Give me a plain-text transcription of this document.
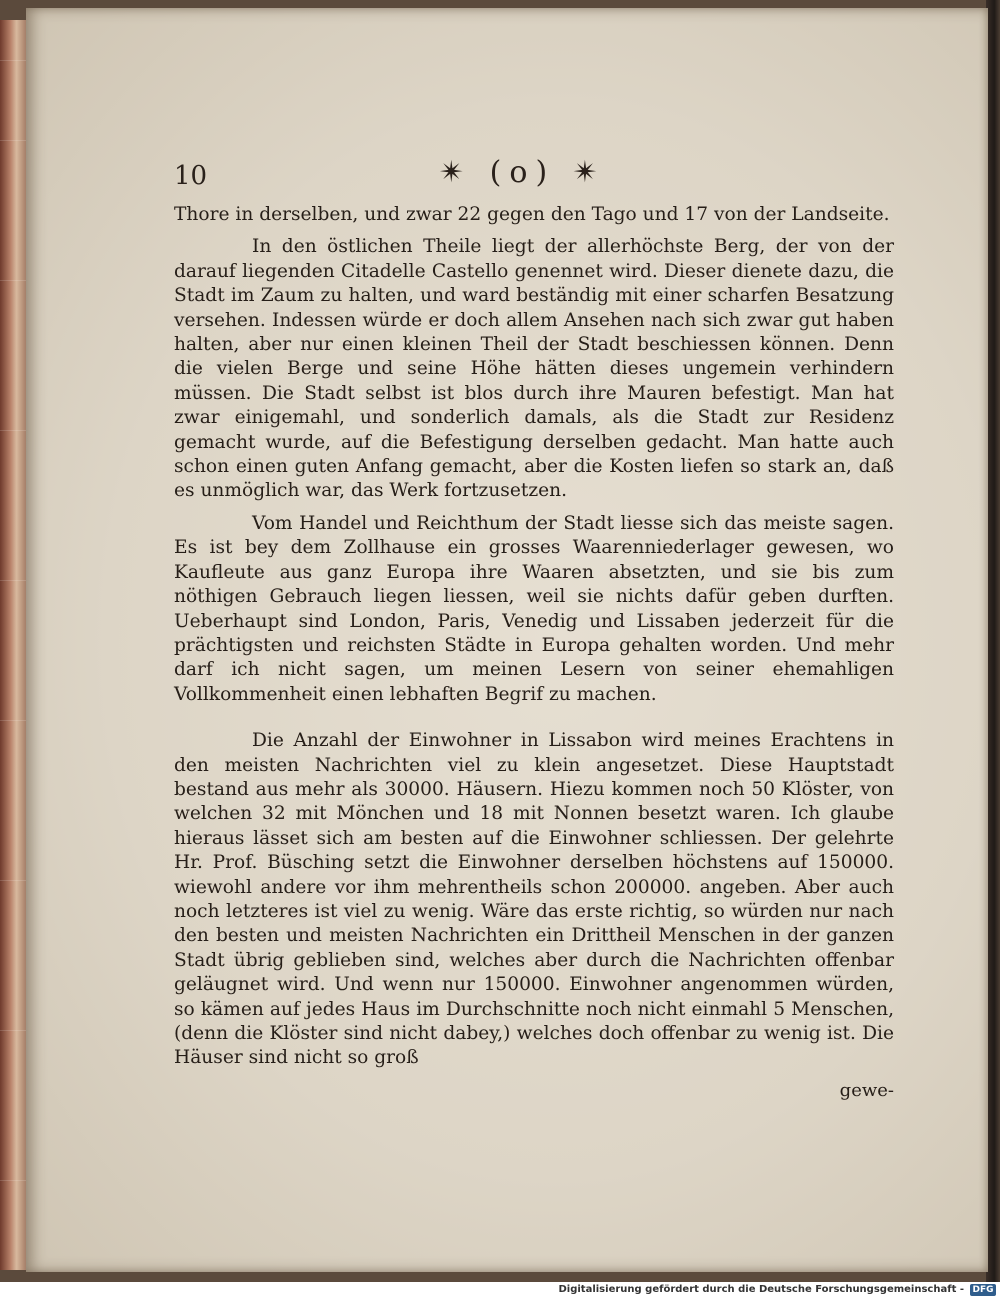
10	✴ (o) ✴

Thore in derselben, und zwar 22 gegen den Tago und 17 von der Landseite.

In den östlichen Theile liegt der allerhöchste Berg, der von der darauf liegenden Citadelle Castello genennet wird. Dieser dienete dazu, die Stadt im Zaum zu halten, und ward beständig mit einer scharfen Besatzung versehen. Indessen würde er doch allem Ansehen nach sich zwar gut haben halten, aber nur einen kleinen Theil der Stadt beschiessen können. Denn die vielen Berge und seine Höhe hätten dieses ungemein verhindern müssen. Die Stadt selbst ist blos durch ihre Mauren befestigt. Man hat zwar einigemahl, und sonderlich damals, als die Stadt zur Residenz gemacht wurde, auf die Befestigung derselben gedacht. Man hatte auch schon einen guten Anfang gemacht, aber die Kosten liefen so stark an, daß es unmöglich war, das Werk fortzusetzen.

Vom Handel und Reichthum der Stadt liesse sich das meiste sagen. Es ist bey dem Zollhause ein grosses Waarenniederlager gewesen, wo Kaufleute aus ganz Europa ihre Waaren absetzten, und sie bis zum nöthigen Gebrauch liegen liessen, weil sie nichts dafür geben durften. Ueberhaupt sind London, Paris, Venedig und Lissaben jederzeit für die prächtigsten und reichsten Städte in Europa gehalten worden. Und mehr darf ich nicht sagen, um meinen Lesern von seiner ehemahligen Vollkommenheit einen lebhaften Begrif zu machen.

Die Anzahl der Einwohner in Lissabon wird meines Erachtens in den meisten Nachrichten viel zu klein angesetzet. Diese Hauptstadt bestand aus mehr als 30000. Häusern. Hiezu kommen noch 50 Klöster, von welchen 32 mit Mönchen und 18 mit Nonnen besetzt waren. Ich glaube hieraus lässet sich am besten auf die Einwohner schliessen. Der gelehrte Hr. Prof. Büsching setzt die Einwohner derselben höchstens auf 150000. wiewohl andere vor ihm mehrentheils schon 200000. angeben. Aber auch noch letzteres ist viel zu wenig. Wäre das erste richtig, so würden nur nach den besten und meisten Nachrichten ein Drittheil Menschen in der ganzen Stadt übrig geblieben sind, welches aber durch die Nachrichten offenbar geläugnet wird. Und wenn nur 150000. Einwohner angenommen würden, so kämen auf jedes Haus im Durchschnitte noch nicht einmahl 5 Menschen, (denn die Klöster sind nicht dabey,) welches doch offenbar zu wenig ist. Die Häuser sind nicht so groß

gewe-
Digitalisierung gefördert durch die Deutsche Forschungsgemeinschaft - DFG
